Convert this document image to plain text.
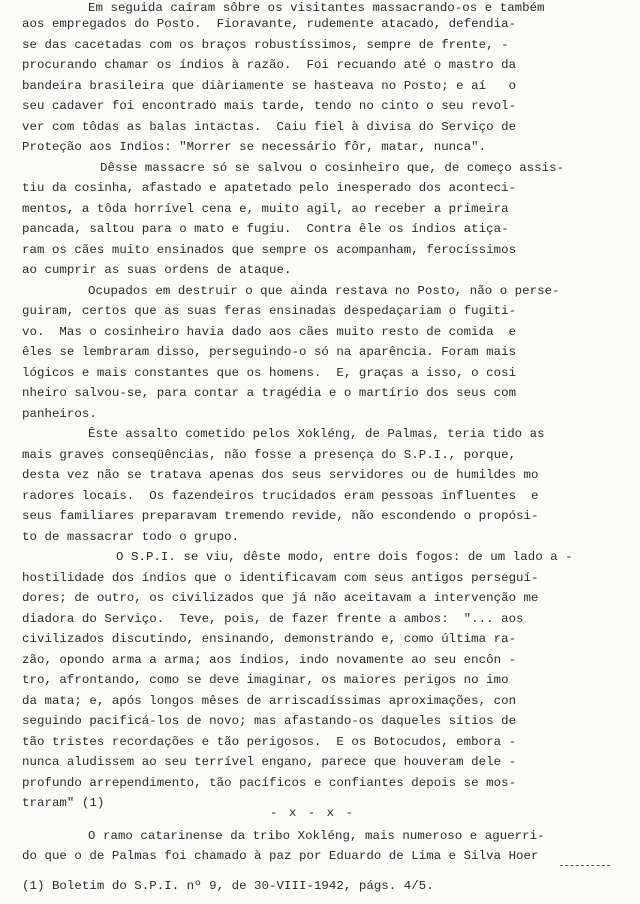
Em seguida caíram sôbre os visitantes massacrando-os e também
aos empregados do Posto.  Fioravante, rudemente atacado, defendia-
se das cacetadas com os braços robustíssimos, sempre de frente, -
procurando chamar os índios à razão.  Foi recuando até o mastro da
bandeira brasileira que diàriamente se hasteava no Posto; e aí   o
seu cadaver foi encontrado mais tarde, tendo no cinto o seu revol-
ver com tôdas as balas intactas.  Caiu fiel à divisa do Serviço de
Proteção aos Indios: "Morrer se necessário fôr, matar, nunca".
Dêsse massacre só se salvou o cosinheiro que, de começo assis-
tiu da cosinha, afastado e apatetado pelo inesperado dos aconteci-
mentos, a tôda horrível cena e, muito agil, ao receber a primeira
pancada, saltou para o mato e fugiu.  Contra êle os índios atiça-
ram os cães muito ensinados que sempre os acompanham, ferocíssimos
ao cumprir as suas ordens de ataque.
Ocupados em destruir o que ainda restava no Posto, não o perse-
guiram, certos que as suas feras ensinadas despedaçariam o fugiti-
vo.  Mas o cosinheiro havia dado aos cães muito resto de comida  e
êles se lembraram disso, perseguindo-o só na aparência. Foram mais
lógicos e mais constantes que os homens.  E, graças a isso, o cosi
nheiro salvou-se, para contar a tragédia e o martírio dos seus com
panheiros.
Êste assalto cometido pelos Xokléng, de Palmas, teria tido as
mais graves conseqüências, não fosse a presença do S.P.I., porque,
desta vez não se tratava apenas dos seus servidores ou de humildes mo
radores locais.  Os fazendeiros trucidados eram pessoas influentes  e
seus familiares preparavam tremendo revide, não escondendo o propósi-
to de massacrar todo o grupo.
O S.P.I. se viu, dêste modo, entre dois fogos: de um lado a -
hostilidade dos índios que o identificavam com seus antigos perseguí-
dores; de outro, os civilizados que já não aceitavam a intervenção me
diadora do Serviço.  Teve, pois, de fazer frente a ambos:  "... aos
civilizados discutindo, ensinando, demonstrando e, como última ra-
zão, opondo arma a arma; aos índios, indo novamente ao seu encôn -
tro, afrontando, como se deve imaginar, os maiores perigos no imo
da mata; e, após longos mêses de arriscadíssimas aproximações, con
seguindo pacificá-los de novo; mas afastando-os daqueles sítios de
tão tristes recordações e tão perigosos.  E os Botocudos, embora -
nunca aludissem ao seu terrível engano, parece que houveram dele -
profundo arrependimento, tão pacíficos e confiantes depois se mos-
traram" (1)
- x - x -
O ramo catarinense da tribo Xokléng, mais numeroso e aguerri-
do que o de Palmas foi chamado à paz por Eduardo de Lima e Silva Hoer
(1) Boletim do S.P.I. nº 9, de 30-VIII-1942, págs. 4/5.
